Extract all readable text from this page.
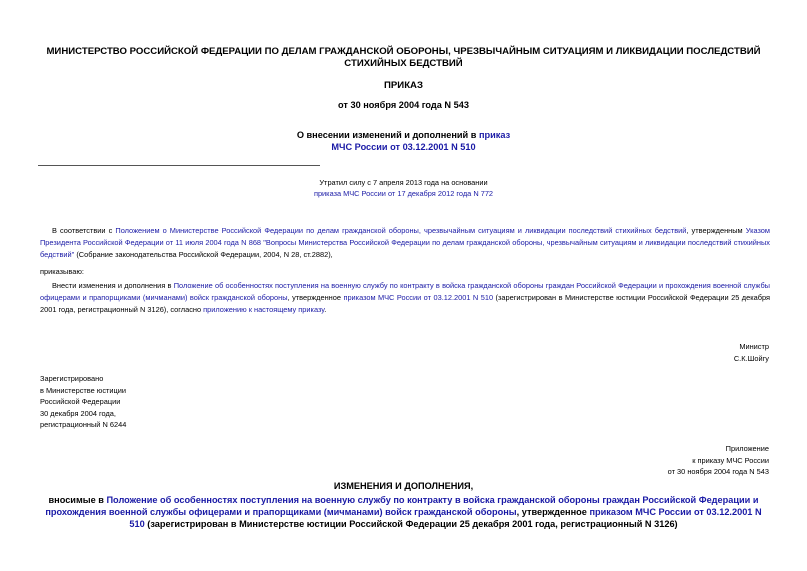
МИНИСТЕРСТВО РОССИЙСКОЙ ФЕДЕРАЦИИ ПО ДЕЛАМ ГРАЖДАНСКОЙ ОБОРОНЫ, ЧРЕЗВЫЧАЙНЫМ СИТУАЦИЯМ И ЛИКВИДАЦИИ ПОСЛЕДСТВИЙ СТИХИЙНЫХ БЕДСТВИЙ
ПРИКАЗ
от 30 ноября 2004 года N 543
О внесении изменений и дополнений в приказ
МЧС России от 03.12.2001 N 510
Утратил силу с 7 апреля 2013 года на основании
приказа МЧС России от 17 декабря 2012 года N 772
В соответствии с Положением о Министерстве Российской Федерации по делам гражданской обороны, чрезвычайным ситуациям и ликвидации последствий стихийных бедствий, утвержденным Указом Президента Российской Федерации от 11 июля 2004 года N 868 "Вопросы Министерства Российской Федерации по делам гражданской обороны, чрезвычайным ситуациям и ликвидации последствий стихийных бедствий" (Собрание законодательства Российской Федерации, 2004, N 28, ст.2882),
приказываю:
Внести изменения и дополнения в Положение об особенностях поступления на военную службу по контракту в войска гражданской обороны граждан Российской Федерации и прохождения военной службы офицерами и прапорщиками (мичманами) войск гражданской обороны, утвержденное приказом МЧС России от 03.12.2001 N 510 (зарегистрирован в Министерстве юстиции Российской Федерации 25 декабря 2001 года, регистрационный N 3126), согласно приложению к настоящему приказу.
Министр
С.К.Шойгу
Зарегистрировано
в Министерстве юстиции
Российской Федерации
30 декабря 2004 года,
регистрационный N 6244
Приложение
к приказу МЧС России
от 30 ноября 2004 года N 543
ИЗМЕНЕНИЯ И ДОПОЛНЕНИЯ,
вносимые в Положение об особенностях поступления на военную службу по контракту в войска гражданской обороны граждан Российской Федерации и прохождения военной службы офицерами и прапорщиками (мичманами) войск гражданской обороны, утвержденное приказом МЧС России от 03.12.2001 N 510 (зарегистрирован в Министерстве юстиции Российской Федерации 25 декабря 2001 года, регистрационный N 3126)
